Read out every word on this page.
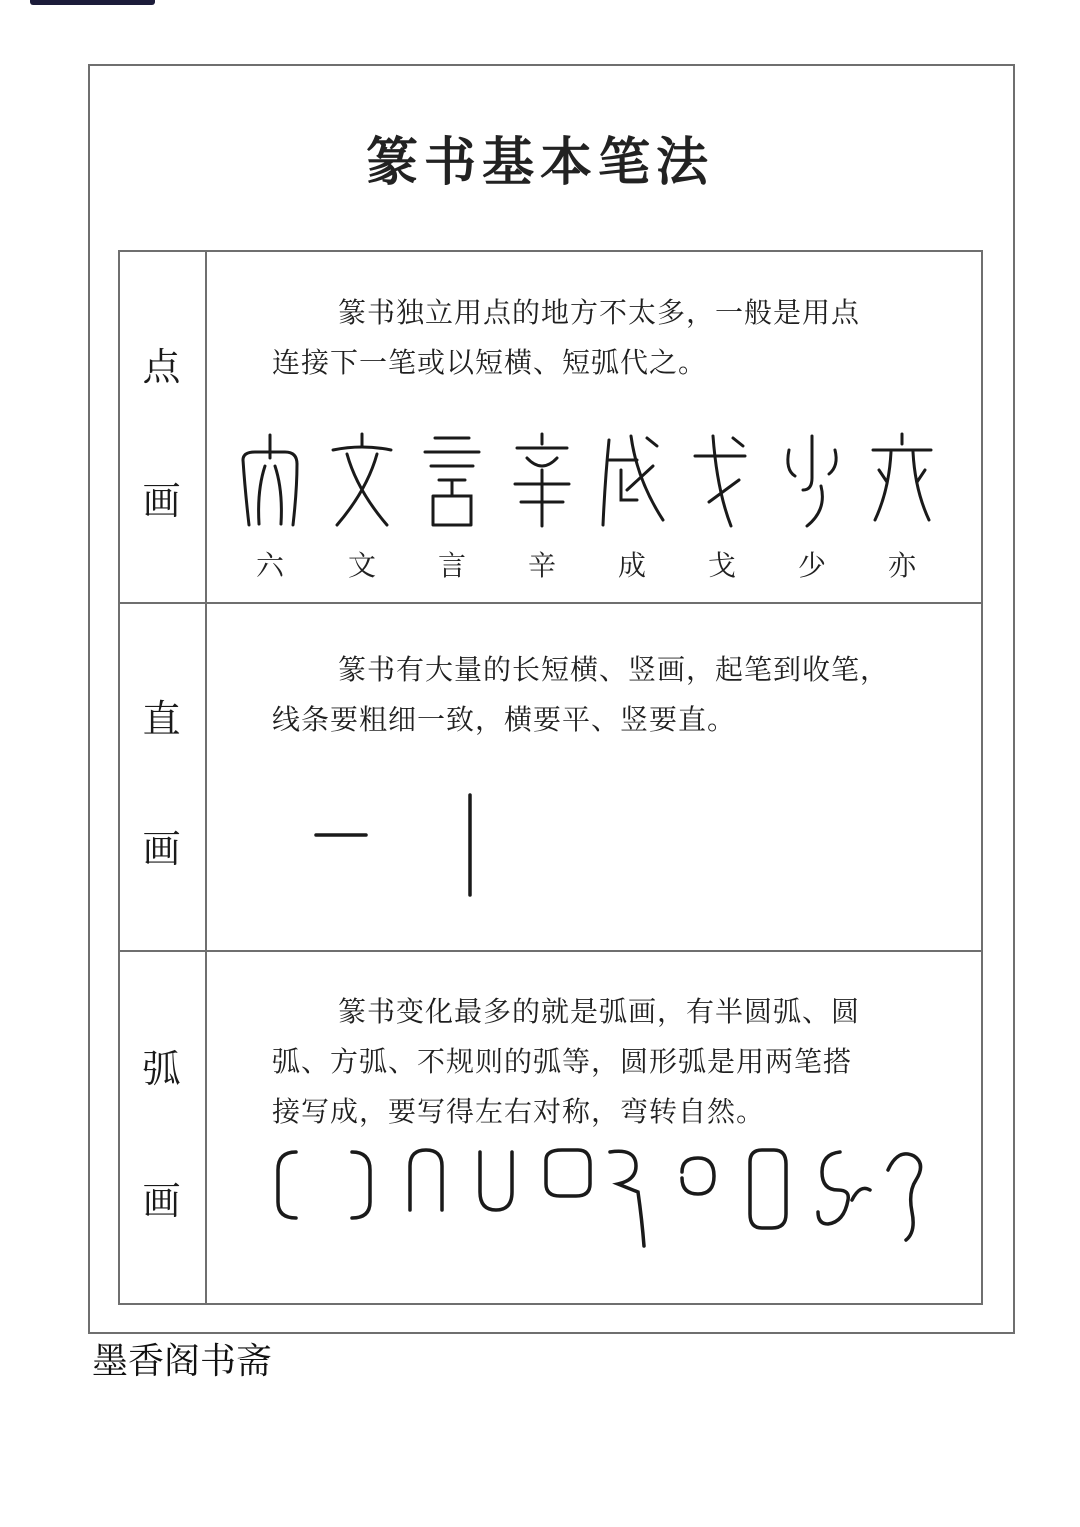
篆书基本笔法
点
画
篆书独立用点的地方不太多，一般是用点
连接下一笔或以短横、短弧代之。
六	文	言	辛	成	戈	少	亦
直
画
篆书有大量的长短横、竖画，起笔到收笔，
线条要粗细一致，横要平、竖要直。
弧
画
篆书变化最多的就是弧画，有半圆弧、圆
弧、方弧、不规则的弧等，圆形弧是用两笔搭
接写成，要写得左右对称，弯转自然。
墨香阁书斋
